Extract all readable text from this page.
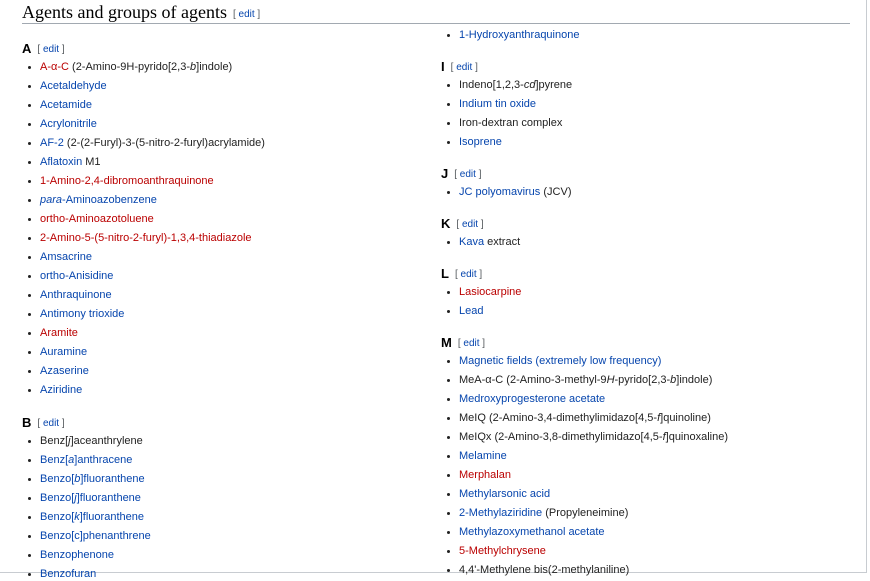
Agents and groups of agents [ edit ]
A [ edit ]
A-α-C (2-Amino-9H-pyrido[2,3-b]indole)
Acetaldehyde
Acetamide
Acrylonitrile
AF-2 (2-(2-Furyl)-3-(5-nitro-2-furyl)acrylamide)
Aflatoxin M1
1-Amino-2,4-dibromoanthraquinone
para-Aminoazobenzene
ortho-Aminoazotoluene
2-Amino-5-(5-nitro-2-furyl)-1,3,4-thiadiazole
Amsacrine
ortho-Anisidine
Anthraquinone
Antimony trioxide
Aramite
Auramine
Azaserine
Aziridine
B [ edit ]
Benz[j]aceanthrylene
Benz[a]anthracene
Benzo[b]fluoranthene
Benzo[j]fluoranthene
Benzo[k]fluoranthene
Benzo[c]phenanthrene
Benzophenone
Benzofuran
1-Hydroxyanthraquinone
I [ edit ]
Indeno[1,2,3-cd]pyrene
Indium tin oxide
Iron-dextran complex
Isoprene
J [ edit ]
JC polyomavirus (JCV)
K [ edit ]
Kava extract
L [ edit ]
Lasiocarpine
Lead
M [ edit ]
Magnetic fields (extremely low frequency)
MeA-α-C (2-Amino-3-methyl-9H-pyrido[2,3-b]indole)
Medroxyprogesterone acetate
MeIQ (2-Amino-3,4-dimethylimidazo[4,5-f]quinoline)
MeIQx (2-Amino-3,8-dimethylimidazo[4,5-f]quinoxaline)
Melamine
Merphalan
Methylarsonic acid
2-Methylaziridine (Propyleneimine)
Methylazoxymethanol acetate
5-Methylchrysene
4,4'-Methylene bis(2-methylaniline)
